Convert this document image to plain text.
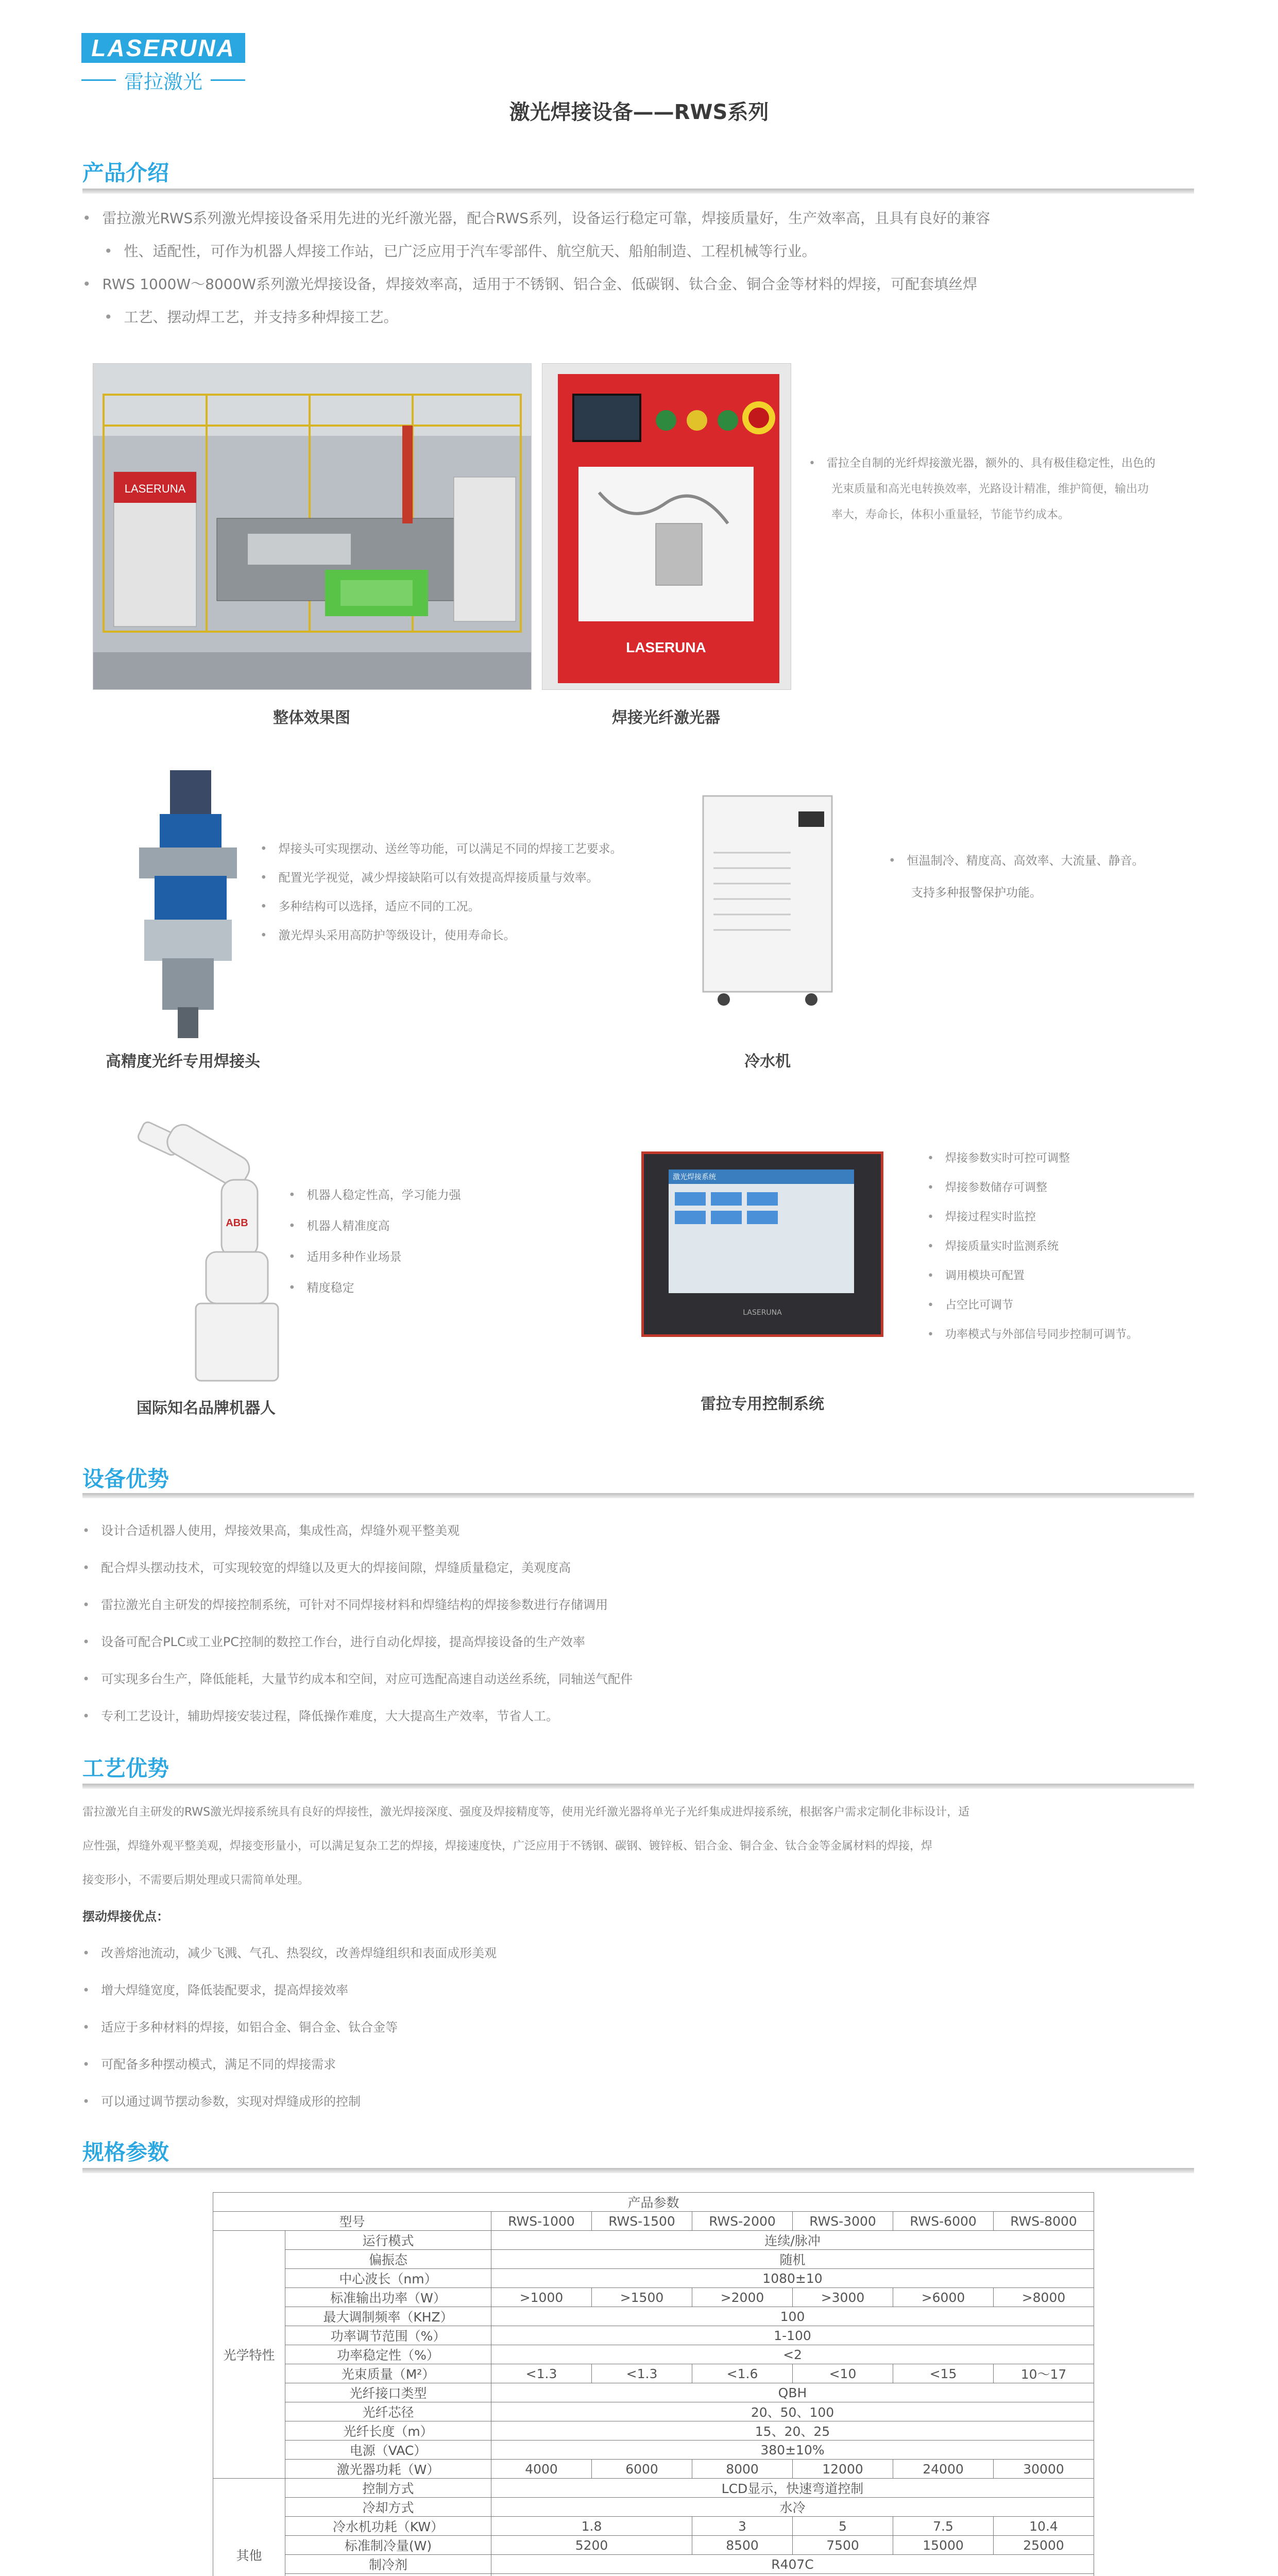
LASERUNA
雷拉激光
激光焊接设备——RWS系列
产品介绍
• 雷拉激光RWS系列激光焊接设备采用先进的光纤激光器，配合RWS系列，设备运行稳定可靠，焊接质量好，生产效率高，且具有良好的兼容
• 性、适配性，可作为机器人焊接工作站，已广泛应用于汽车零部件、航空航天、船舶制造、工程机械等行业。
• RWS 1000W～8000W系列激光焊接设备，焊接效率高，适用于不锈钢、铝合金、低碳钢、钛合金、铜合金等材料的焊接，可配套填丝焊
• 工艺、摆动焊工艺，并支持多种焊接工艺。
LASERUNA
LASERUNA
• 雷拉全自制的光纤焊接激光器，额外的、具有极佳稳定性，出色的
光束质量和高光电转换效率，光路设计精准，维护简便，输出功
率大，寿命长，体积小重量轻，节能节约成本。
整体效果图	焊接光纤激光器
• 焊接头可实现摆动、送丝等功能，可以满足不同的焊接工艺要求。
• 配置光学视觉，减少焊接缺陷可以有效提高焊接质量与效率。
• 多种结构可以选择，适应不同的工况。
• 激光焊头采用高防护等级设计，使用寿命长。
高精度光纤专用焊接头
• 恒温制冷、精度高、高效率、大流量、静音。
支持多种报警保护功能。
冷水机
ABB
• 机器人稳定性高，学习能力强
• 机器人精准度高
• 适用多种作业场景
• 精度稳定
国际知名品牌机器人
激光焊接系统
LASERUNA
• 焊接参数实时可控可调整
• 焊接参数储存可调整
• 焊接过程实时监控
• 焊接质量实时监测系统
• 调用模块可配置
• 占空比可调节
• 功率模式与外部信号同步控制可调节。
雷拉专用控制系统
设备优势
• 设计合适机器人使用，焊接效果高，集成性高，焊缝外观平整美观
• 配合焊头摆动技术，可实现较宽的焊缝以及更大的焊接间隙，焊缝质量稳定，美观度高
• 雷拉激光自主研发的焊接控制系统，可针对不同焊接材料和焊缝结构的焊接参数进行存储调用
• 设备可配合PLC或工业PC控制的数控工作台，进行自动化焊接，提高焊接设备的生产效率
• 可实现多台生产，降低能耗，大量节约成本和空间，对应可选配高速自动送丝系统，同轴送气配件
• 专利工艺设计，辅助焊接安装过程，降低操作难度，大大提高生产效率，节省人工。
工艺优势
雷拉激光自主研发的RWS激光焊接系统具有良好的焊接性，激光焊接深度、强度及焊接精度等，使用光纤激光器将单光子光纤集成进焊接系统，根据客户需求定制化非标设计，适
应性强，焊缝外观平整美观，焊接变形量小，可以满足复杂工艺的焊接，焊接速度快，广泛应用于不锈钢、碳钢、镀锌板、铝合金、铜合金、钛合金等金属材料的焊接，焊
接变形小，不需要后期处理或只需简单处理。
摆动焊接优点：
• 改善熔池流动，减少飞溅、气孔、热裂纹，改善焊缝组织和表面成形美观
• 增大焊缝宽度，降低装配要求，提高焊接效率
• 适应于多种材料的焊接，如铝合金、铜合金、钛合金等
• 可配备多种摆动模式，满足不同的焊接需求
• 可以通过调节摆动参数，实现对焊缝成形的控制
规格参数
产品参数							
型号		RWS-1000	RWS-1500	RWS-2000	RWS-3000	RWS-6000	RWS-8000
光学特性	运行模式	连续/脉冲					
	偏振态	随机					
	中心波长（nm）	1080±10					
	标准输出功率（W）	>1000	>1500	>2000	>3000	>6000	>8000
	最大调制频率（KHZ）	100					
	功率调节范围（%）	1-100					
	功率稳定性（%）	<2					
	光束质量（M²）	<1.3	<1.3	<1.6	<10	<15	10～17
	光纤接口类型	QBH					
	光纤芯径	20、50、100					
	光纤长度（m）	15、20、25					
	电源（VAC）	380±10%					
	激光器功耗（W）	4000	6000	8000	12000	24000	30000
其他	控制方式	LCD显示，快速弯道控制					
	冷却方式	水冷					
	冷水机功耗（KW）	1.8		3	5	7.5	10.4
	标准制冷量(W)	5200		8500	7500	15000	25000
	制冷剂	R407C					
